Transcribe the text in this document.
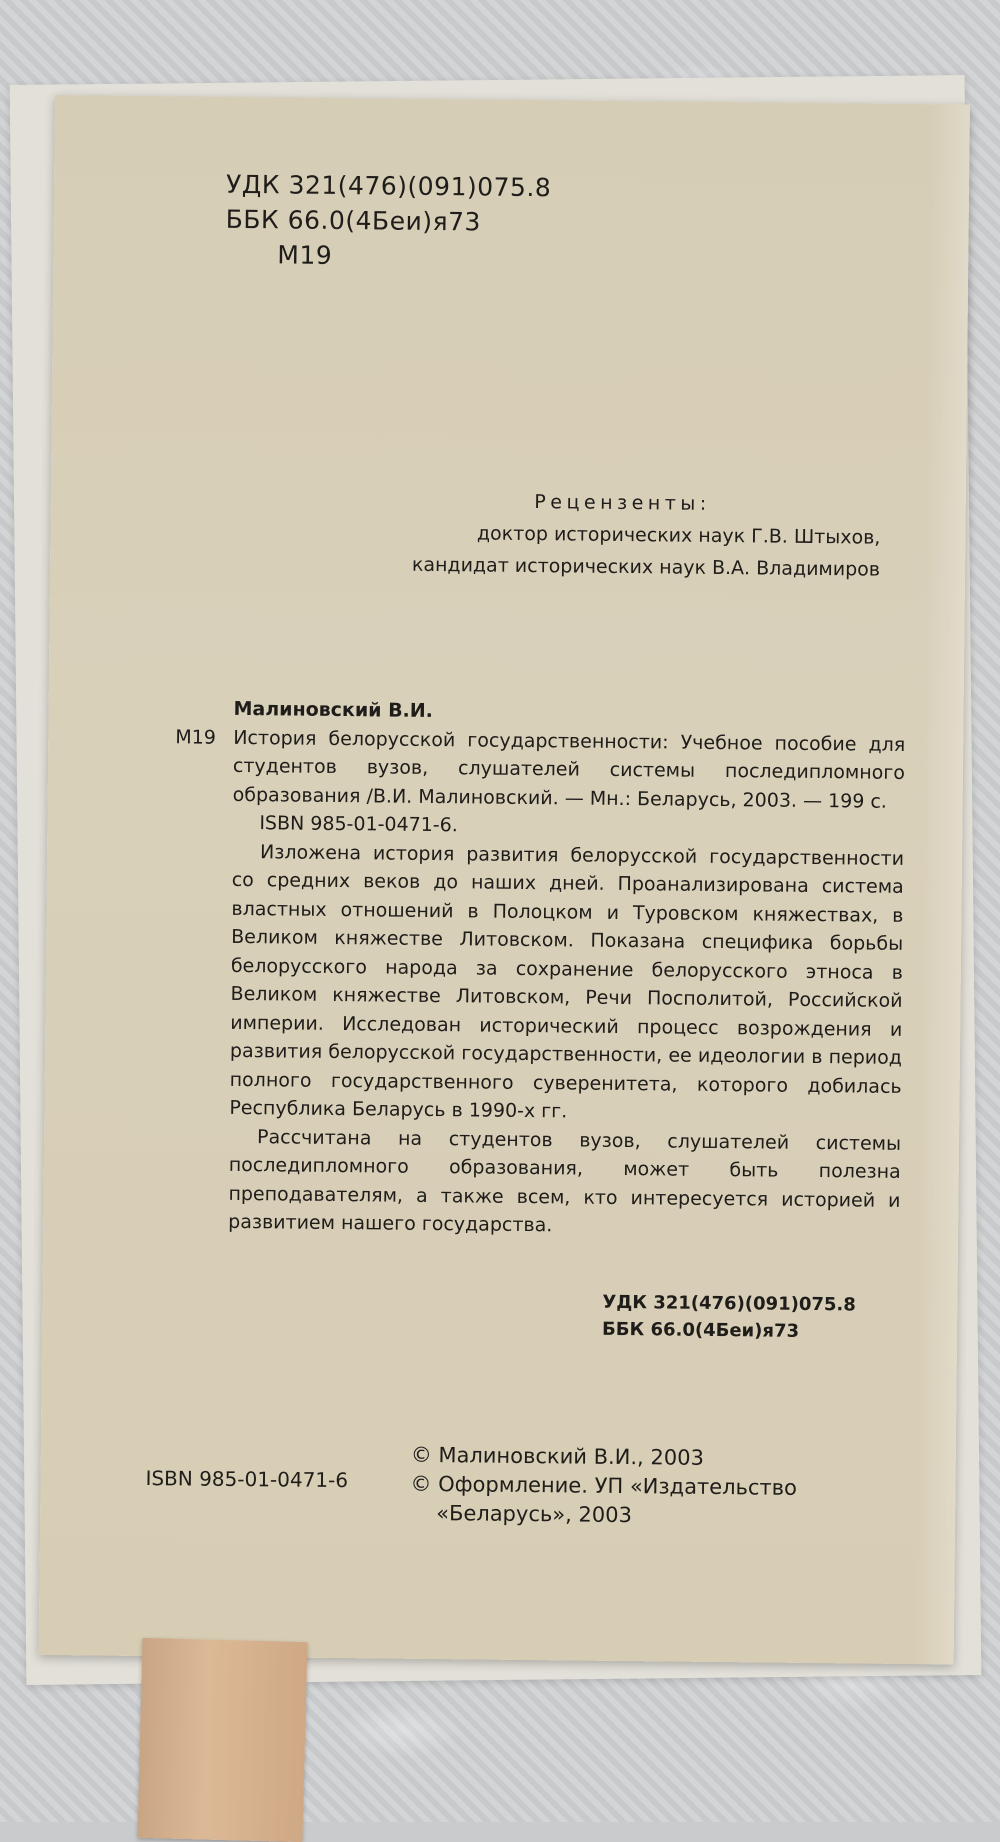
УДК 321(476)(091)075.8
ББК 66.0(4Беи)я73
М19
Рецензенты:
доктор исторических наук Г.В. Штыхов,
кандидат исторических наук В.А. Владимиров
Малиновский В.И.
М19 История белорусской государственности: Учебное пособие для студентов вузов, слушателей системы последипломного образования /В.И. Малиновский. — Мн.: Беларусь, 2003. — 199 с.
ISBN 985-01-0471-6.

Изложена история развития белорусской государственности со средних веков до наших дней. Проанализирована система властных отношений в Полоцком и Туровском княжествах, в Великом княжестве Литовском. Показана специфика борьбы белорусского народа за сохранение белорусского этноса в Великом княжестве Литовском, Речи Посполитой, Российской империи. Исследован исторический процесс возрождения и развития белорусской государственности, ее идеологии в период полного государственного суверенитета, которого добилась Республика Беларусь в 1990-х гг.

Рассчитана на студентов вузов, слушателей системы последипломного образования, может быть полезна преподавателям, а также всем, кто интересуется историей и развитием нашего государства.

УДК 321(476)(091)075.8
ББК 66.0(4Беи)я73
ISBN 985-01-0471-6
© Малиновский В.И., 2003
© Оформление. УП «Издательство
«Беларусь», 2003
